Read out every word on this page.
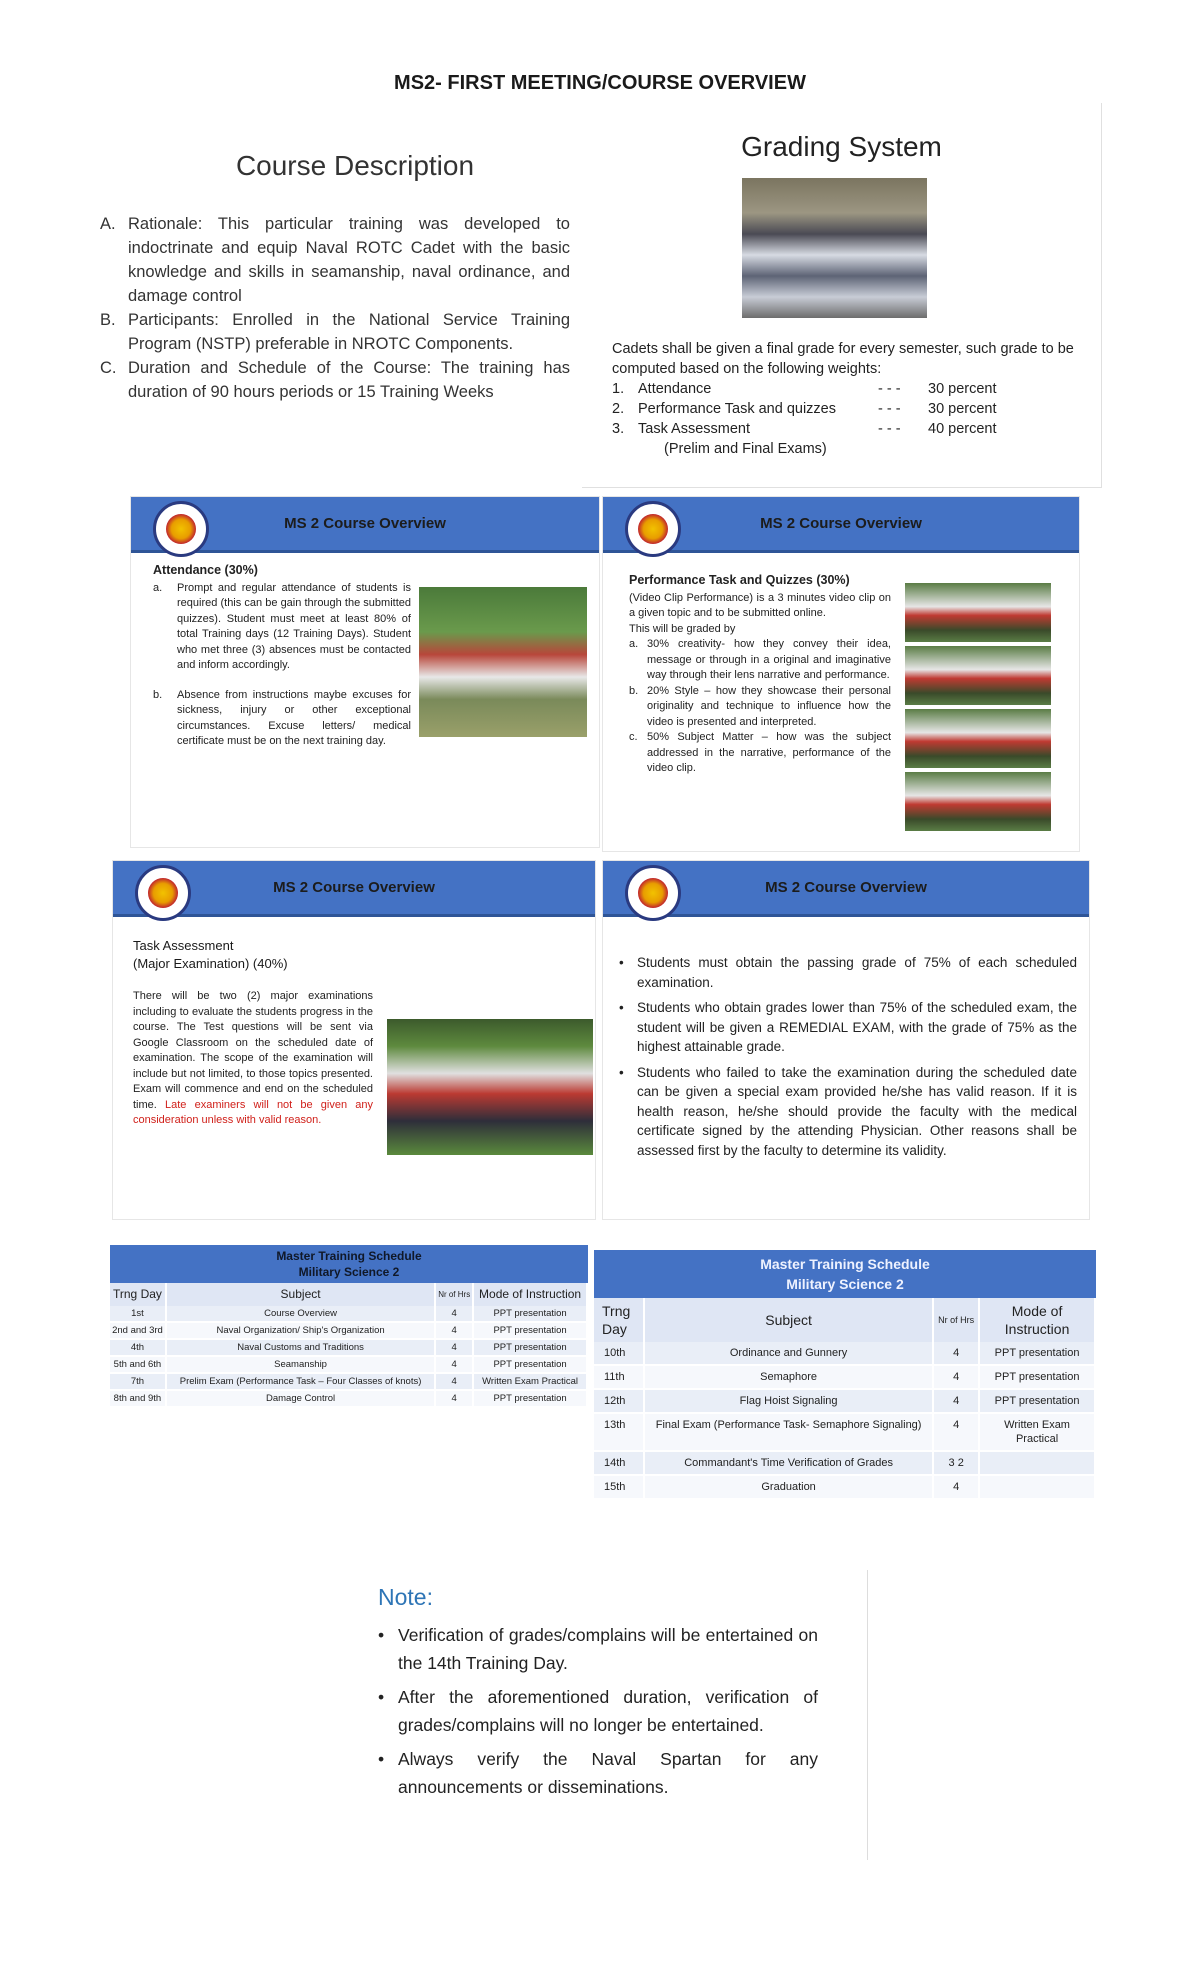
MS2- FIRST MEETING/COURSE OVERVIEW
Course Description
A. Rationale: This particular training was developed to indoctrinate and equip Naval ROTC Cadet with the basic knowledge and skills in seamanship, naval ordinance, and damage control
B. Participants: Enrolled in the National Service Training Program (NSTP) preferable in NROTC Components.
C. Duration and Schedule of the Course: The training has duration of 90 hours periods or 15 Training Weeks
Grading System
Cadets shall be given a final grade for every semester, such grade to be computed based on the following weights:
1. Attendance	- - -	30 percent
2. Performance Task and quizzes	- - -	30 percent
3. Task Assessment	- - -	40 percent
(Prelim and Final Exams)
MS 2 Course Overview
Attendance (30%)
a.	Prompt and regular attendance of students is required (this can be gain through the submitted quizzes). Student must meet at least 80% of total Training days (12 Training Days). Student who met three (3) absences must be contacted and inform accordingly.
b.	Absence from instructions maybe excuses for sickness, injury or other exceptional circumstances. Excuse letters/ medical certificate must be on the next training day.
MS 2 Course Overview
Performance Task and Quizzes (30%)
(Video Clip Performance) is a 3 minutes video clip on a given topic and to be submitted online.
This will be graded by
a. 30% creativity- how they convey their idea, message or through in a original and imaginative way through their lens narrative and performance.
b. 20% Style – how they showcase their personal originality and technique to influence how the video is presented and interpreted.
c. 50% Subject Matter – how was the subject addressed in the narrative, performance of the video clip.
MS 2 Course Overview
Task Assessment
(Major Examination) (40%)
There will be two (2) major examinations including to evaluate the students progress in the course. The Test questions will be sent via Google Classroom on the scheduled date of examination. The scope of the examination will include but not limited, to those topics presented. Exam will commence and end on the scheduled time. Late examiners will not be given any consideration unless with valid reason.
MS 2 Course Overview
• Students must obtain the passing grade of 75% of each scheduled examination.
• Students who obtain grades lower than 75% of the scheduled exam, the student will be given a REMEDIAL EXAM, with the grade of 75% as the highest attainable grade.
• Students who failed to take the examination during the scheduled date can be given a special exam provided he/she has valid reason. If it is health reason, he/she should provide the faculty with the medical certificate signed by the attending Physician. Other reasons shall be assessed first by the faculty to determine its validity.
Master Training Schedule
Military Science 2
Trng Day	Subject	Nr of Hrs	Mode of Instruction
1st	Course Overview	4	PPT presentation
2nd and 3rd	Naval Organization/ Ship's Organization	4	PPT presentation
4th	Naval Customs and Traditions	4	PPT presentation
5th and 6th	Seamanship	4	PPT presentation
7th	Prelim Exam (Performance Task – Four Classes of knots)	4	Written Exam Practical
8th and 9th	Damage Control	4	PPT presentation
Master Training Schedule
Military Science 2
Trng Day	Subject	Nr of Hrs	Mode of Instruction
10th	Ordinance and Gunnery	4	PPT presentation
11th	Semaphore	4	PPT presentation
12th	Flag Hoist Signaling	4	PPT presentation
13th	Final Exam (Performance Task- Semaphore Signaling)	4	Written Exam Practical
14th	Commandant's Time Verification of Grades	3 2	
15th	Graduation	4	
Note:
• Verification of grades/complains will be entertained on the 14th Training Day.
• After the aforementioned duration, verification of grades/complains will no longer be entertained.
• Always verify the Naval Spartan for any announcements or disseminations.
